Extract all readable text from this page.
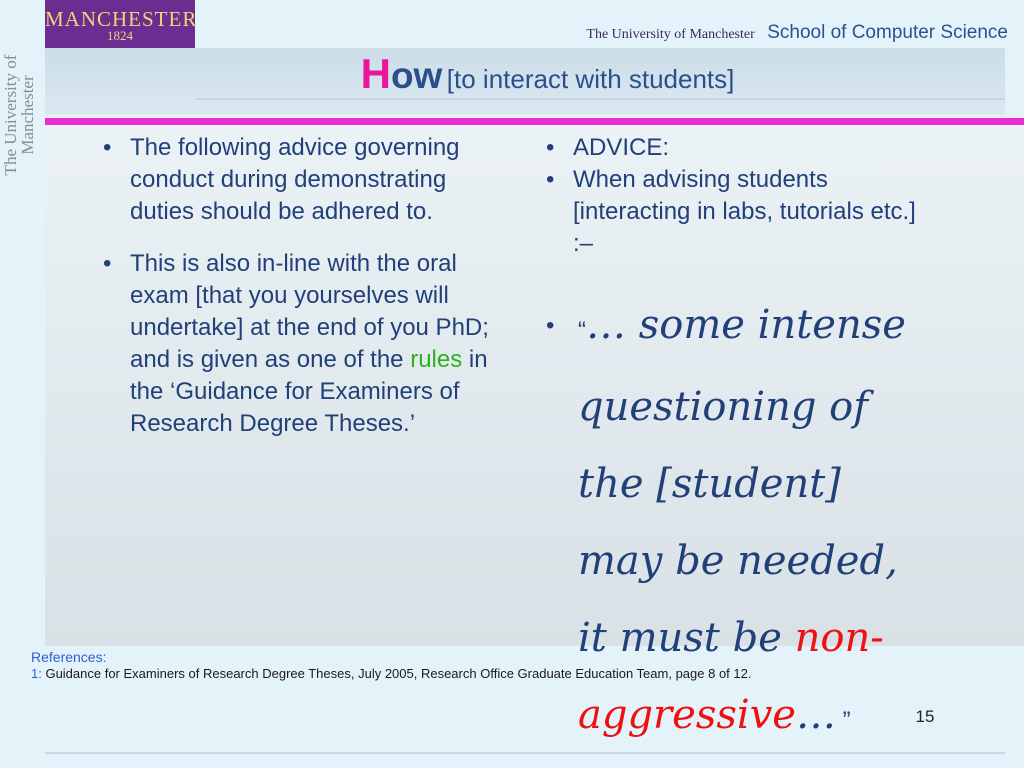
MANCHESTER
1824	The University of Manchester School of Computer Science
The University of Manchester
How [to interact with students]
• The following advice governing conduct during demonstrating duties should be adhered to.
• This is also in-line with the oral exam [that you yourselves will undertake] at the end of you PhD; and is given as one of the rules in the ‘Guidance for Examiners of Research Degree Theses.’
• ADVICE:
• When advising students [interacting in labs, tutorials etc.] :–
• “… some intense questioning of the [student] may be needed, it must be non-aggressive… ”
References:
1: Guidance for Examiners of Research Degree Theses, July 2005, Research Office Graduate Education Team, page 8 of 12.
15
